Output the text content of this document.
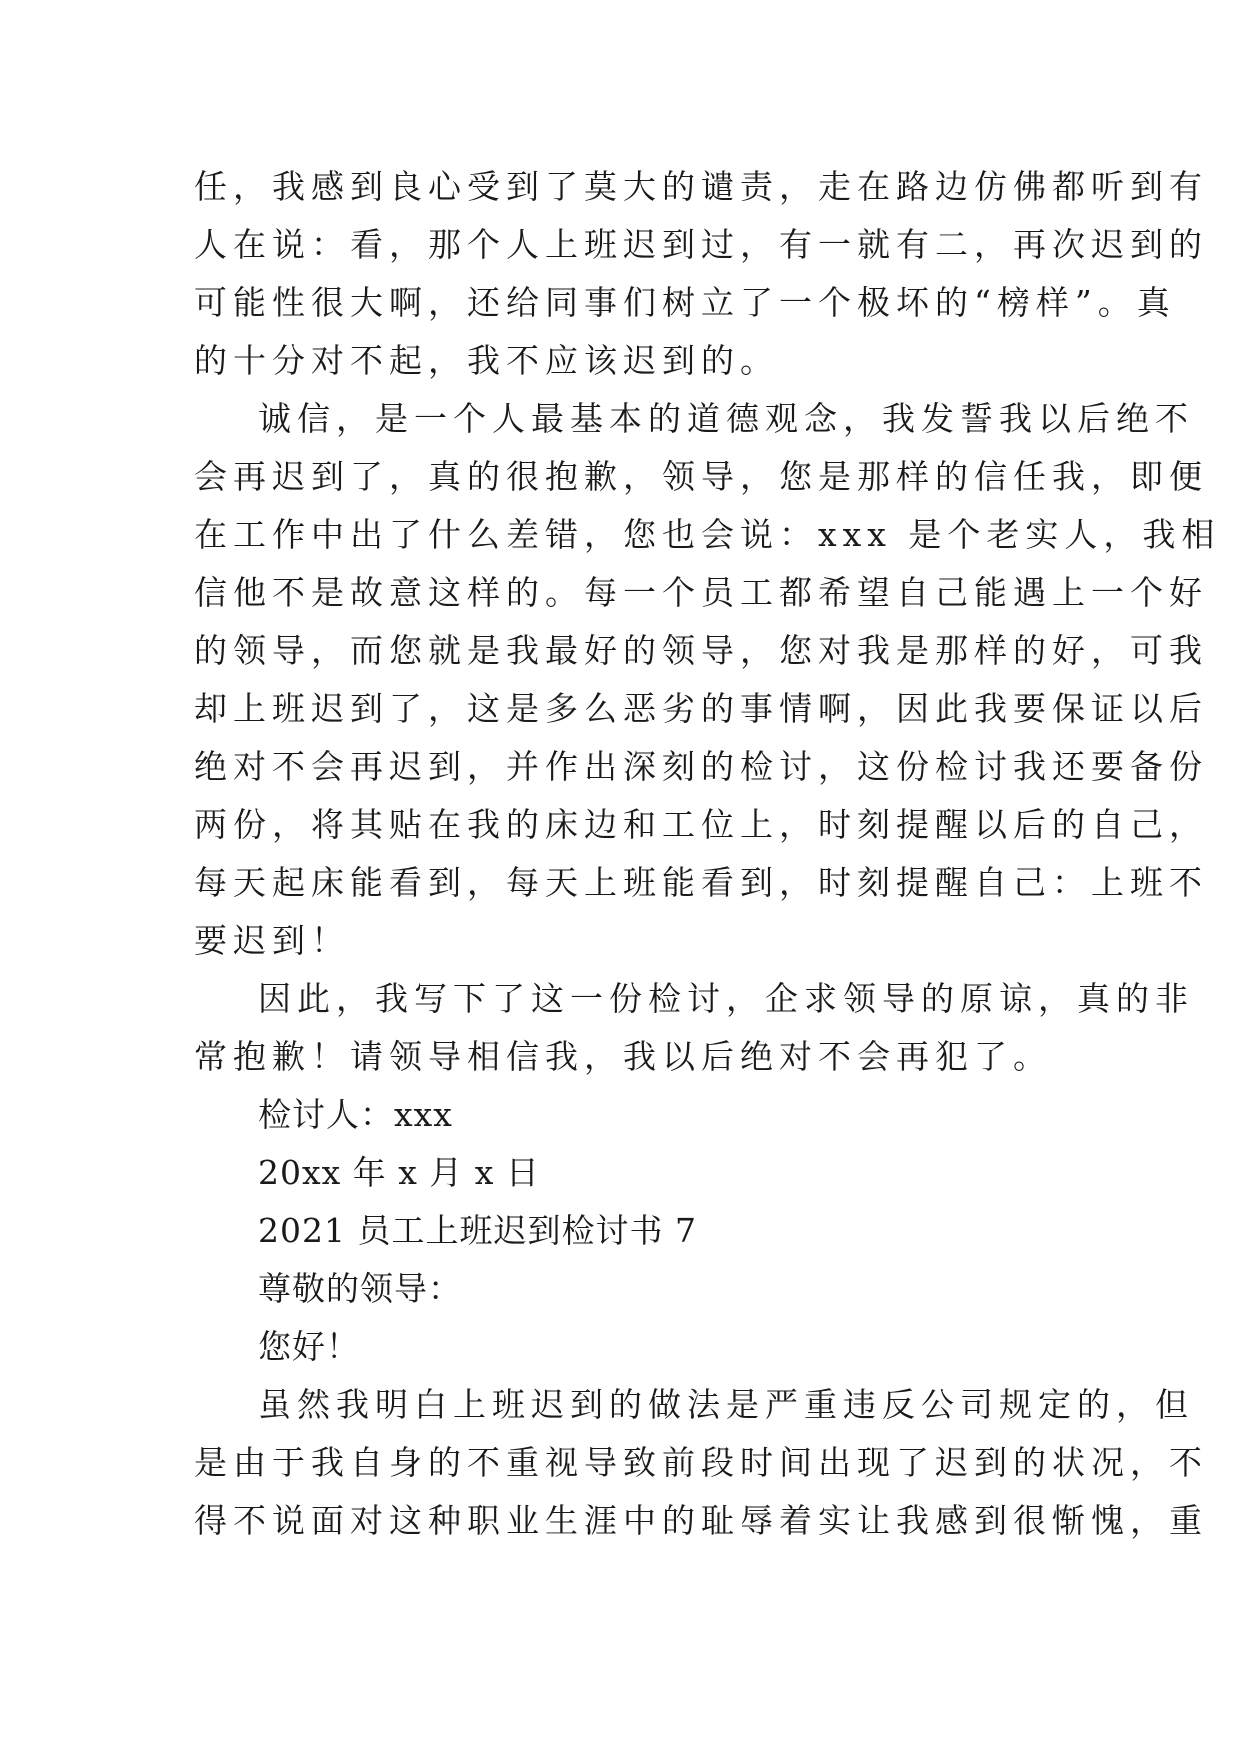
任，我感到良心受到了莫大的谴责，走在路边仿佛都听到有
人在说：看，那个人上班迟到过，有一就有二，再次迟到的
可能性很大啊，还给同事们树立了一个极坏的“榜样”。真
的十分对不起，我不应该迟到的。
诚信，是一个人最基本的道德观念，我发誓我以后绝不
会再迟到了，真的很抱歉，领导，您是那样的信任我，即便
在工作中出了什么差错，您也会说：xxx 是个老实人，我相
信他不是故意这样的。每一个员工都希望自己能遇上一个好
的领导，而您就是我最好的领导，您对我是那样的好，可我
却上班迟到了，这是多么恶劣的事情啊，因此我要保证以后
绝对不会再迟到，并作出深刻的检讨，这份检讨我还要备份
两份，将其贴在我的床边和工位上，时刻提醒以后的自己，
每天起床能看到，每天上班能看到，时刻提醒自己：上班不
要迟到！
因此，我写下了这一份检讨，企求领导的原谅，真的非
常抱歉！请领导相信我，我以后绝对不会再犯了。
检讨人：xxx
20xx 年 x 月 x 日
2021 员工上班迟到检讨书 7
尊敬的领导：
您好！
虽然我明白上班迟到的做法是严重违反公司规定的，但
是由于我自身的不重视导致前段时间出现了迟到的状况，不
得不说面对这种职业生涯中的耻辱着实让我感到很惭愧，重
